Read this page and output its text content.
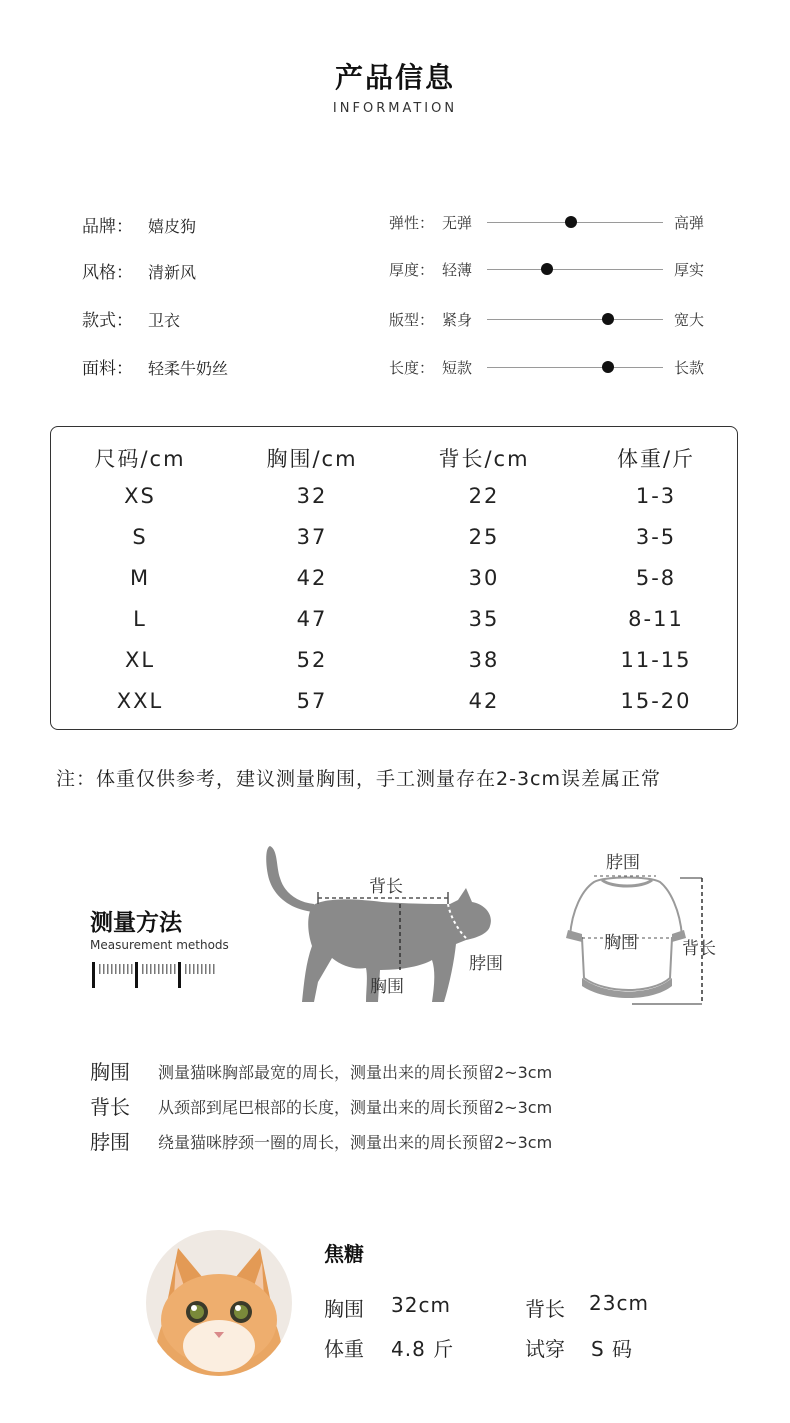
产品信息
INFORMATION
品牌： 嬉皮狗
风格： 清新风
款式： 卫衣
面料： 轻柔牛奶丝
弹性： 无弹	高弹
厚度： 轻薄	厚实
版型： 紧身	宽大
长度： 短款	长款
尺码/cm	胸围/cm	背长/cm	体重/斤
XS	32	22	1-3
S	37	25	3-5
M	42	30	5-8
L	47	35	8-11
XL	52	38	11-15
XXL	57	42	15-20
注：体重仅供参考，建议测量胸围，手工测量存在2-3cm误差属正常
测量方法
Measurement methods
背长
胸围
脖围
脖围
胸围	背长
胸围 测量猫咪胸部最宽的周长，测量出来的周长预留2~3cm
背长 从颈部到尾巴根部的长度，测量出来的周长预留2~3cm
脖围 绕量猫咪脖颈一圈的周长，测量出来的周长预留2~3cm
焦糖
胸围 32cm	背长 23cm
体重 4.8 斤	试穿 S 码
